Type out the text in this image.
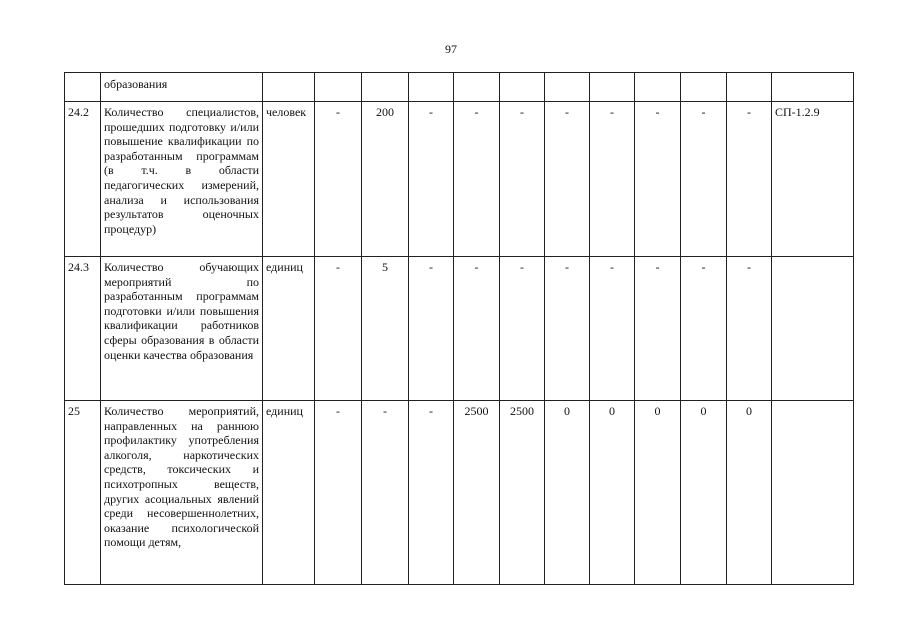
97
	образования												
24.2	Количество специалистов, прошедших подготовку и/или повышение квалификации по разработанным программам (в т.ч. в области педагогических измерений, анализа и использования результатов оценочных процедур)	человек	-	200	-	-	-	-	-	-	-	-	СП-1.2.9
24.3	Количество обучающих мероприятий по разработанным программам подготовки и/или повышения квалификации работников сферы образования в области оценки качества образования	единиц	-	5	-	-	-	-	-	-	-	-	
25	Количество мероприятий, направленных на раннюю профилактику употребления алкоголя, наркотических средств, токсических и психотропных веществ, других асоциальных явлений среди несовершеннолетних, оказание психологической помощи детям,	единиц	-	-	-	2500	2500	0	0	0	0	0	
